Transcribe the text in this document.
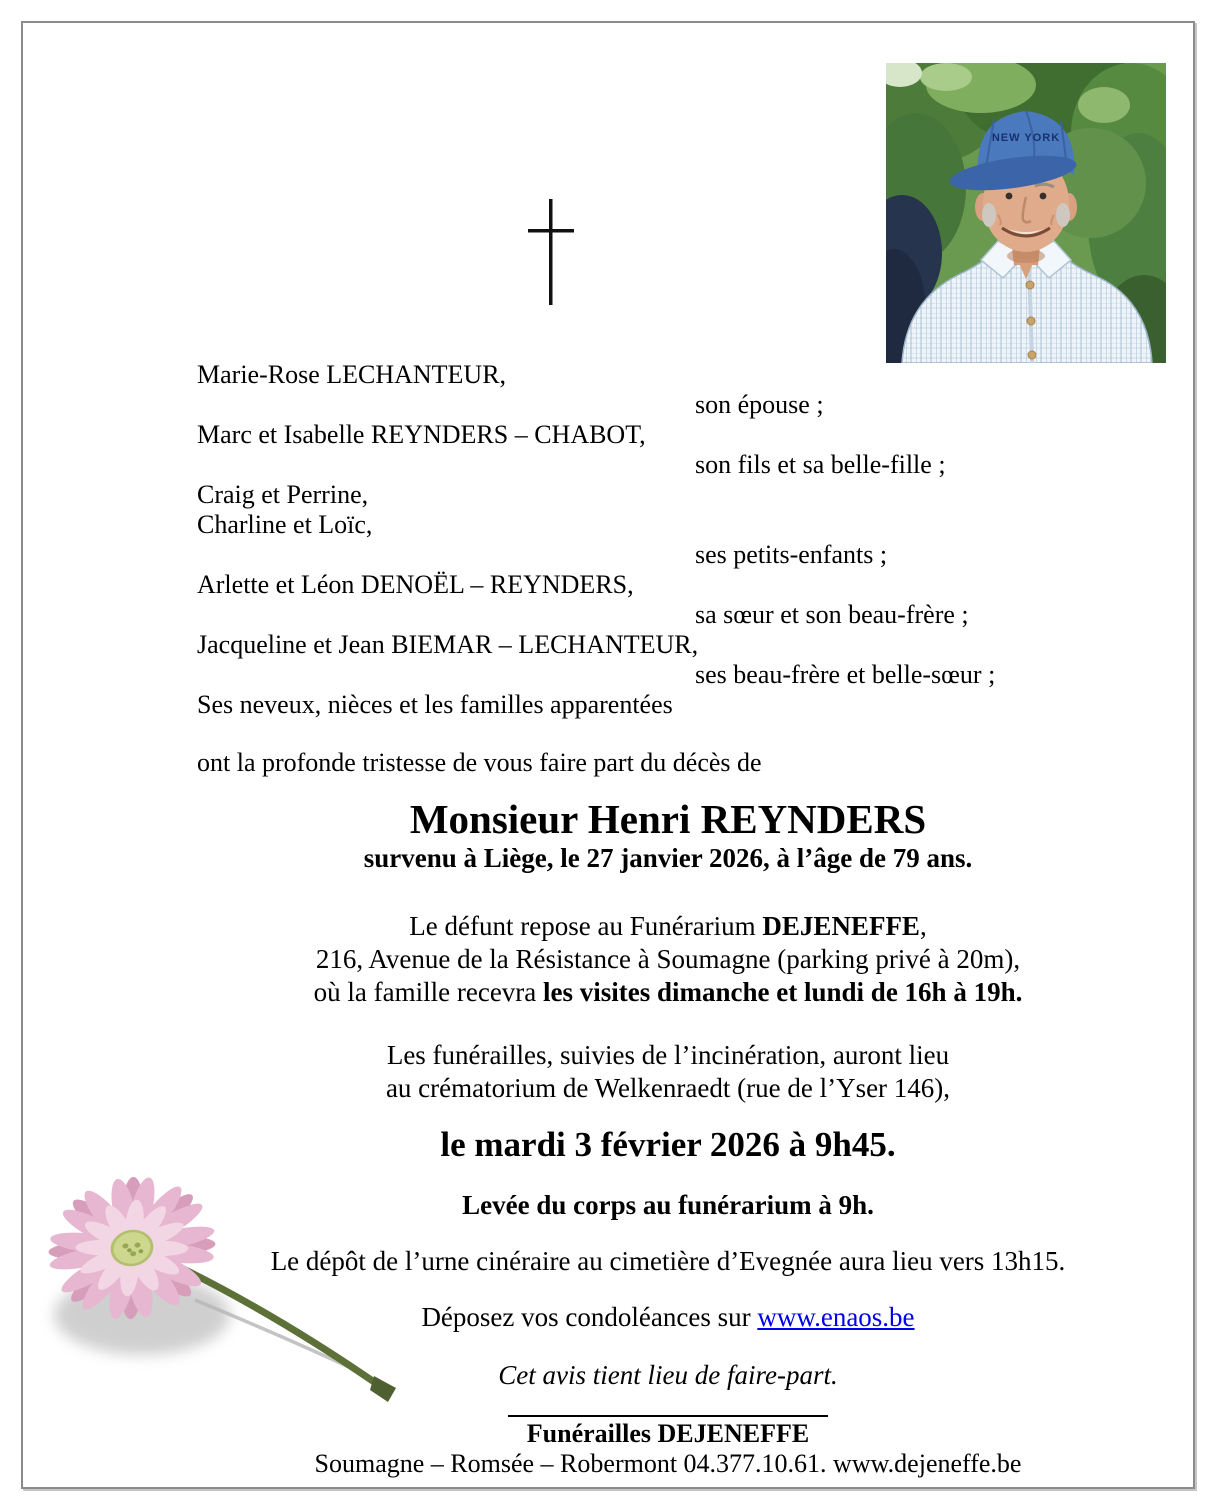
NEW YORK
Marie-Rose LECHANTEUR,
son épouse ;
Marc et Isabelle REYNDERS – CHABOT,
son fils et sa belle-fille ;
Craig et Perrine,
Charline et Loïc,
ses petits-enfants ;
Arlette et Léon DENOËL – REYNDERS,
sa sœur et son beau-frère ;
Jacqueline et Jean BIEMAR – LECHANTEUR,
ses beau-frère et belle-sœur ;
Ses neveux, nièces et les familles apparentées
ont la profonde tristesse de vous faire part du décès de
Monsieur Henri REYNDERS
survenu à Liège, le 27 janvier 2026, à l’âge de 79 ans.
Le défunt repose au Funérarium DEJENEFFE,
216, Avenue de la Résistance à Soumagne (parking privé à 20m),
où la famille recevra les visites dimanche et lundi de 16h à 19h.
Les funérailles, suivies de l’incinération, auront lieu
au crématorium de Welkenraedt (rue de l’Yser 146),
le mardi 3 février 2026 à 9h45.
Levée du corps au funérarium à 9h.
Le dépôt de l’urne cinéraire au cimetière d’Evegnée aura lieu vers 13h15.
Déposez vos condoléances sur www.enaos.be
Cet avis tient lieu de faire-part.
Funérailles DEJENEFFE
Soumagne – Romsée – Robermont 04.377.10.61. www.dejeneffe.be
